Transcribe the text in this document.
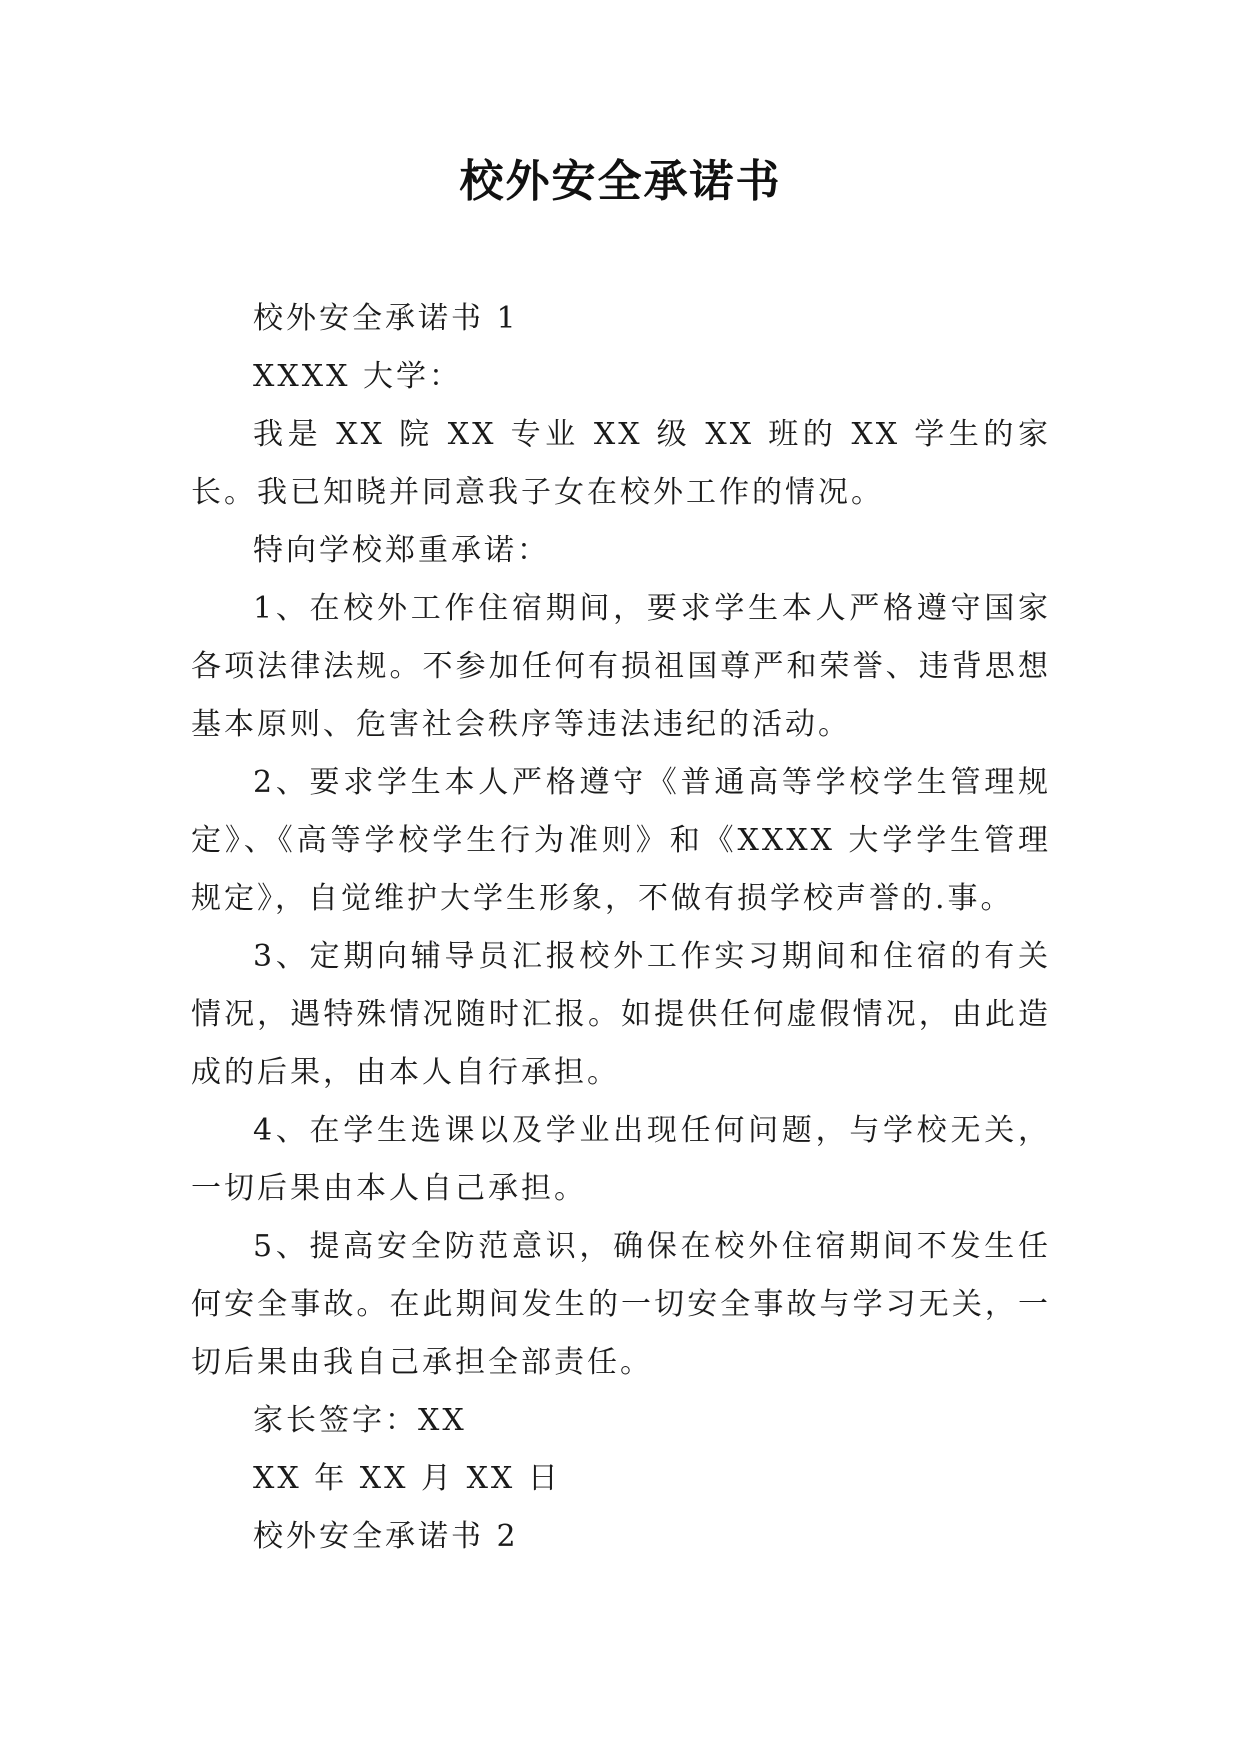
校外安全承诺书

校外安全承诺书 1

XXXX 大学：

我是 XX 院 XX 专业 XX 级 XX 班的 XX 学生的家长。我已知晓并同意我子女在校外工作的情况。

特向学校郑重承诺：

1、在校外工作住宿期间，要求学生本人严格遵守国家各项法律法规。不参加任何有损祖国尊严和荣誉、违背思想基本原则、危害社会秩序等违法违纪的活动。

2、要求学生本人严格遵守《普通高等学校学生管理规定》、《高等学校学生行为准则》和《XXXX 大学学生管理规定》，自觉维护大学生形象，不做有损学校声誉的.事。

3、定期向辅导员汇报校外工作实习期间和住宿的有关情况，遇特殊情况随时汇报。如提供任何虚假情况，由此造成的后果，由本人自行承担。

4、在学生选课以及学业出现任何问题，与学校无关，一切后果由本人自己承担。

5、提高安全防范意识，确保在校外住宿期间不发生任何安全事故。在此期间发生的一切安全事故与学习无关，一切后果由我自己承担全部责任。

家长签字：XX

XX 年 XX 月 XX 日

校外安全承诺书 2
